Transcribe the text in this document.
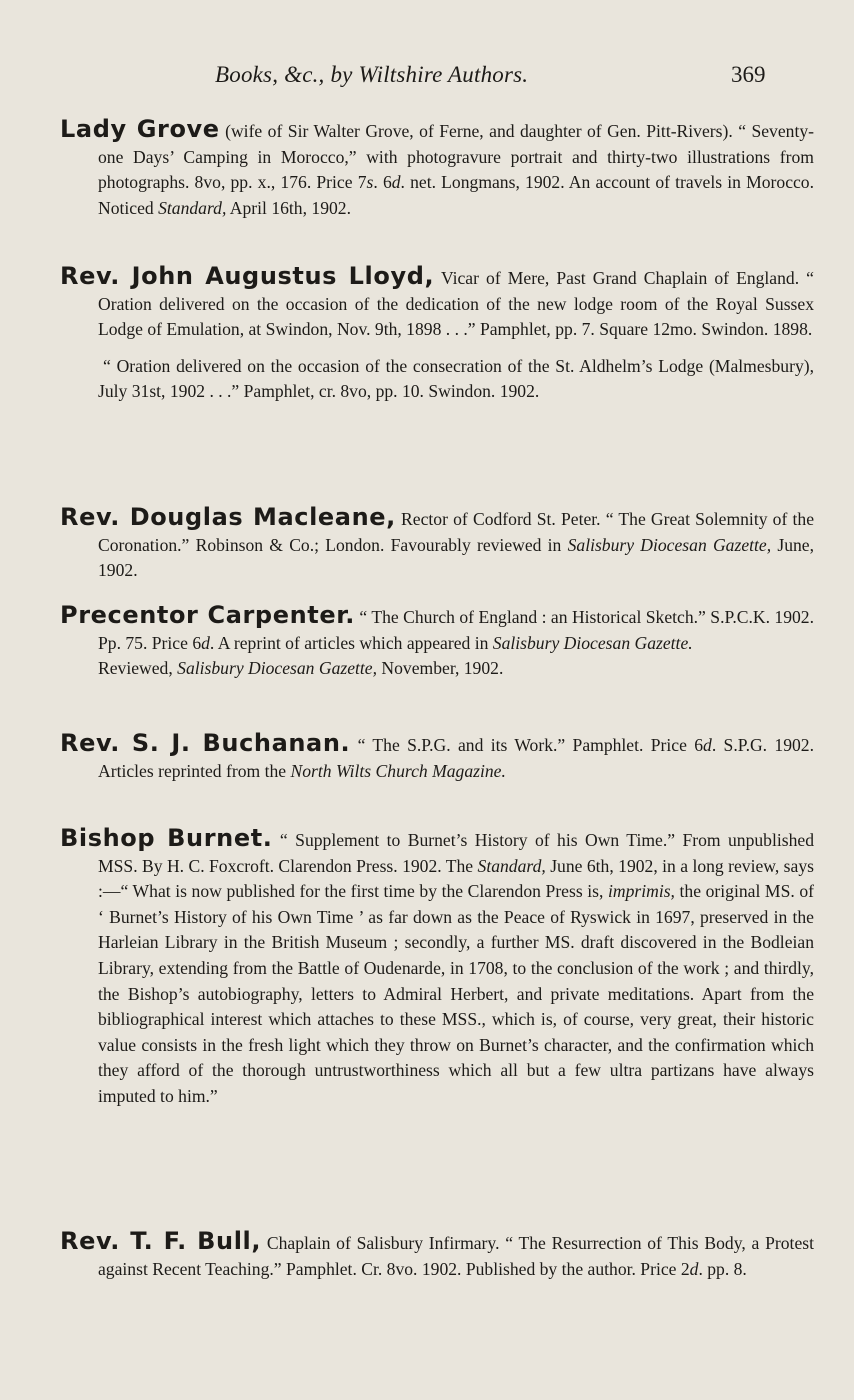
Books, &c., by Wiltshire Authors.	369
Lady Grove (wife of Sir Walter Grove, of Ferne, and daughter of Gen. Pitt-Rivers). “ Seventy-one Days’ Camping in Morocco,” with photogravure portrait and thirty-two illustrations from photographs. 8vo, pp. x., 176. Price 7s. 6d. net. Longmans, 1902. An account of travels in Morocco. Noticed Standard, April 16th, 1902.
Rev. John Augustus Lloyd, Vicar of Mere, Past Grand Chaplain of England. “ Oration delivered on the occasion of the dedication of the new lodge room of the Royal Sussex Lodge of Emulation, at Swindon, Nov. 9th, 1898 . . .” Pamphlet, pp. 7. Square 12mo. Swindon. 1898.
“ Oration delivered on the occasion of the consecration of the St. Aldhelm’s Lodge (Malmesbury), July 31st, 1902 . . .” Pamphlet, cr. 8vo, pp. 10. Swindon. 1902.
Rev. Douglas Macleane, Rector of Codford St. Peter. “ The Great Solemnity of the Coronation.” Robinson & Co.; London. Favourably reviewed in Salisbury Diocesan Gazette, June, 1902.
Precentor Carpenter. “ The Church of England : an Historical Sketch.” S.P.C.K. 1902. Pp. 75. Price 6d. A reprint of articles which appeared in Salisbury Diocesan Gazette.
Reviewed, Salisbury Diocesan Gazette, November, 1902.
Rev. S. J. Buchanan. “ The S.P.G. and its Work.” Pamphlet. Price 6d. S.P.G. 1902. Articles reprinted from the North Wilts Church Magazine.
Bishop Burnet. “ Supplement to Burnet’s History of his Own Time.” From unpublished MSS. By H. C. Foxcroft. Clarendon Press. 1902. The Standard, June 6th, 1902, in a long review, says :—“ What is now published for the first time by the Clarendon Press is, imprimis, the original MS. of ‘ Burnet’s History of his Own Time ’ as far down as the Peace of Ryswick in 1697, preserved in the Harleian Library in the British Museum ; secondly, a further MS. draft discovered in the Bodleian Library, extending from the Battle of Oudenarde, in 1708, to the conclusion of the work ; and thirdly, the Bishop’s autobiography, letters to Admiral Herbert, and private meditations. Apart from the bibliographical interest which attaches to these MSS., which is, of course, very great, their historic value consists in the fresh light which they throw on Burnet’s character, and the confirmation which they afford of the thorough untrustworthiness which all but a few ultra partizans have always imputed to him.”
Rev. T. F. Bull, Chaplain of Salisbury Infirmary. “ The Resurrection of This Body, a Protest against Recent Teaching.” Pamphlet. Cr. 8vo. 1902. Published by the author. Price 2d. pp. 8.
